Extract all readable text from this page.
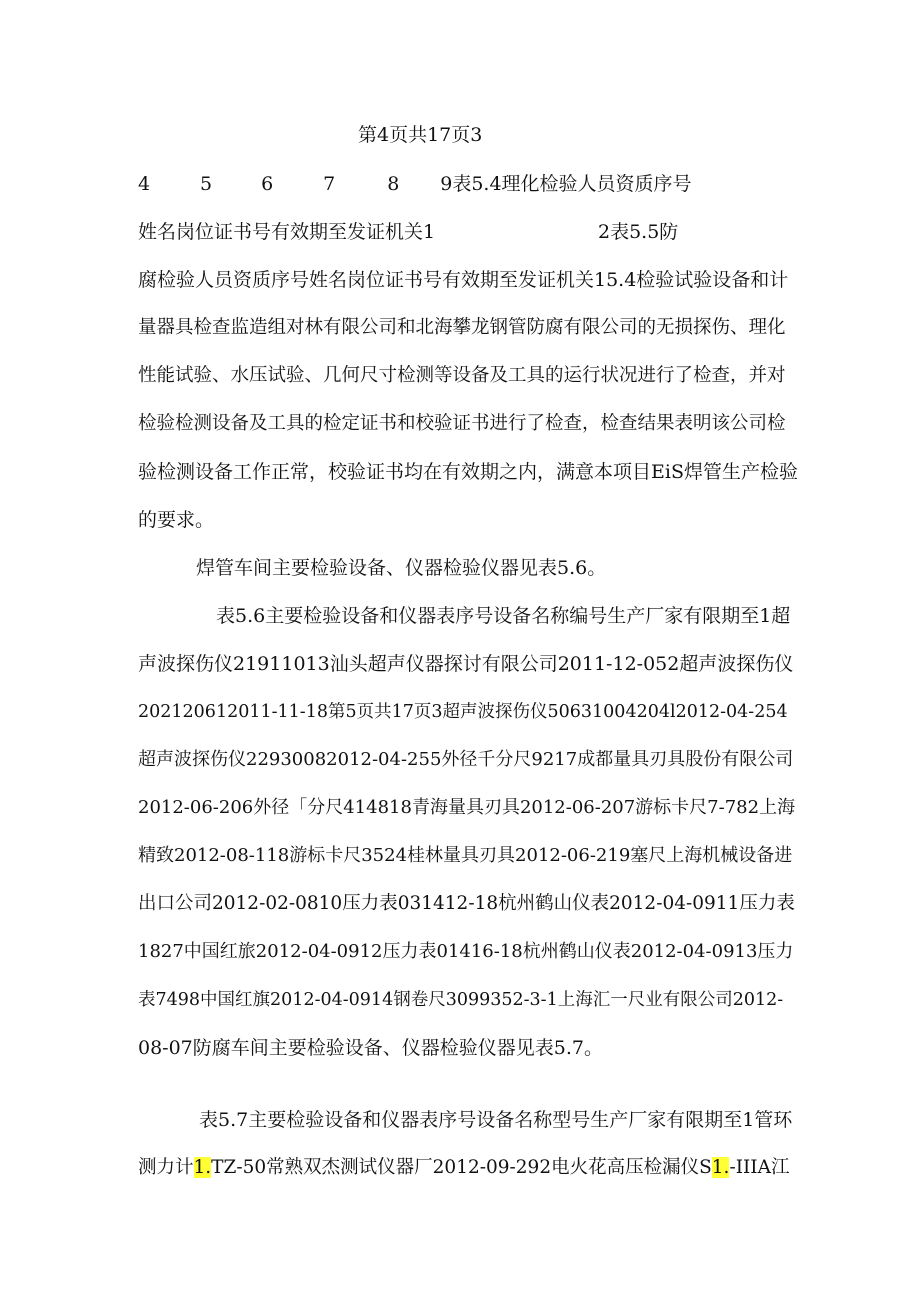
第4页共17页3
4	5	6	7	8 9表5.4理化检验人员资质序号
姓名岗位证书号有效期至发证机关1	2表5.5防
腐检验人员资质序号姓名岗位证书号有效期至发证机关15.4检验试验设备和计
量器具检查监造组对林有限公司和北海攀龙钢管防腐有限公司的无损探伤、理化
性能试验、水压试验、几何尺寸检测等设备及工具的运行状况进行了检查，并对
检验检测设备及工具的检定证书和校验证书进行了检查，检查结果表明该公司检
验检测设备工作正常，校验证书均在有效期之内，满意本项目EiS焊管生产检验
的要求。
焊管车间主要检验设备、仪器检验仪器见表5.6。
表5.6主要检验设备和仪器表序号设备名称编号生产厂家有限期至1超
声波探伤仪21911013汕头超声仪器探讨有限公司2011-12-052超声波探伤仪
202120612011-11-18第5页共17页3超声波探伤仪50631004204l2012-04-254
超声波探伤仪22930082012-04-255外径千分尺9217成都量具刃具股份有限公司
2012-06-206外径「分尺414818青海量具刃具2012-06-207游标卡尺7-782上海
精致2012-08-118游标卡尺3524桂林量具刃具2012-06-219塞尺上海机械设备进
出口公司2012-02-0810压力表031412-18杭州鹤山仪表2012-04-0911压力表
1827中国红旅2012-04-0912压力表01416-18杭州鹤山仪表2012-04-0913压力
表7498中国红旗2012-04-0914钢卷尺3099352-3-1上海汇一尺业有限公司2012-
08-07防腐车间主要检验设备、仪器检验仪器见表5.7。
表5.7主要检验设备和仪器表序号设备名称型号生产厂家有限期至1管环
测力计1.TZ-50常熟双杰测试仪器厂2012-09-292电火花高压检漏仪S1.-IIIA江
